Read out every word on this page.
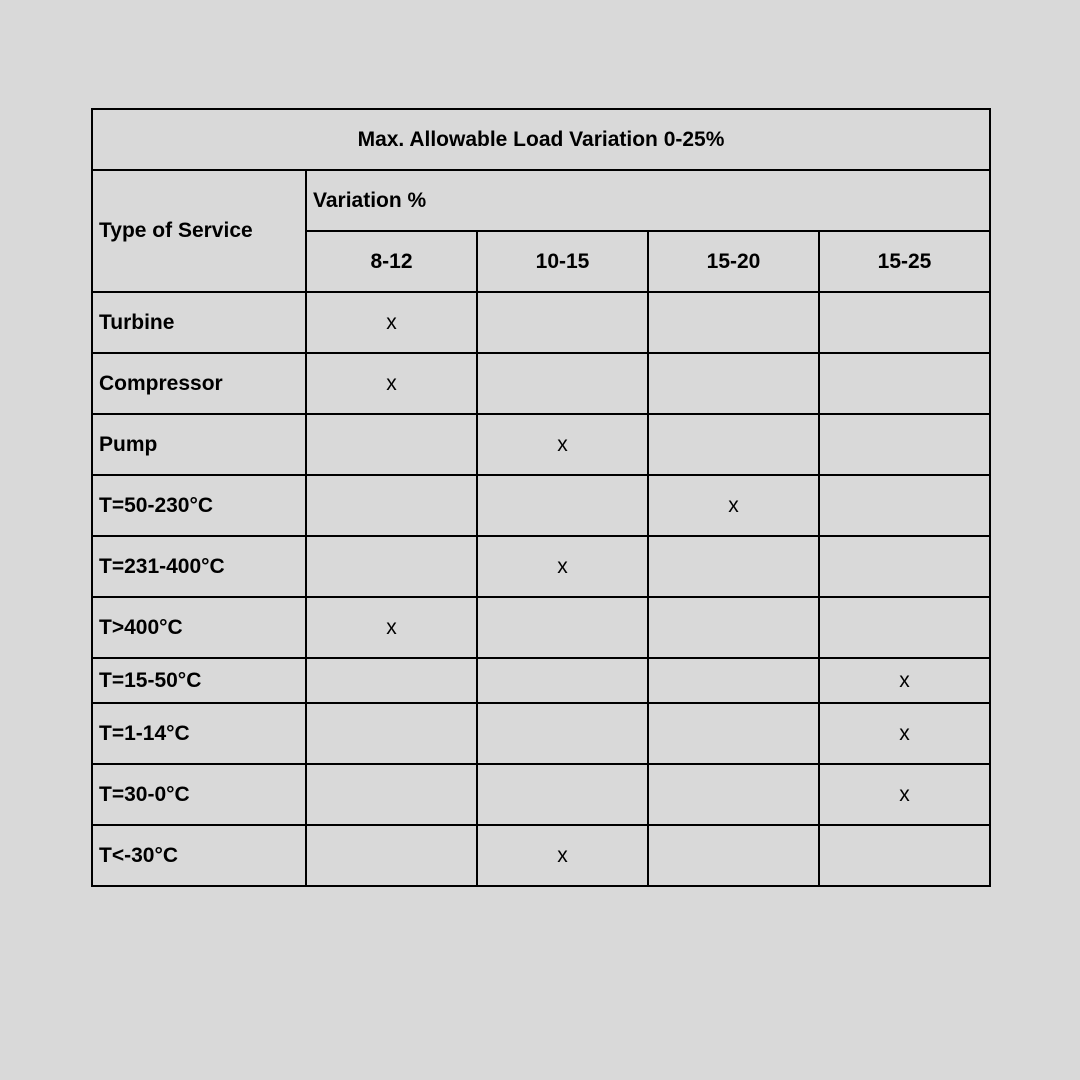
Max. Allowable Load Variation 0-25%				
Type of Service	Variation %			
	8-12	10-15	15-20	15-25
Turbine	x			
Compressor	x			
Pump		x		
T=50-230°C			x	
T=231-400°C		x		
T>400°C	x			
T=15-50°C				x
T=1-14°C				x
T=30-0°C				x
T<-30°C		x		
